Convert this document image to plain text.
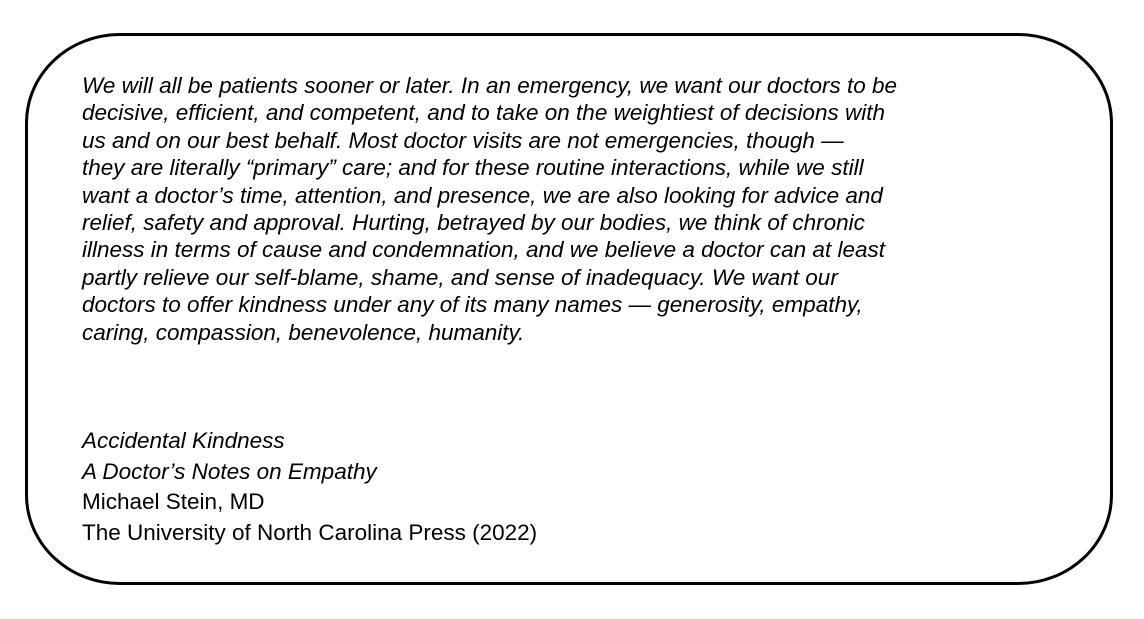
We will all be patients sooner or later. In an emergency, we want our doctors to be
decisive, efficient, and competent, and to take on the weightiest of decisions with
us and on our best behalf. Most doctor visits are not emergencies, though —
they are literally “primary” care; and for these routine interactions, while we still
want a doctor’s time, attention, and presence, we are also looking for advice and
relief, safety and approval. Hurting, betrayed by our bodies, we think of chronic
illness in terms of cause and condemnation, and we believe a doctor can at least
partly relieve our self-blame, shame, and sense of inadequacy. We want our
doctors to offer kindness under any of its many names — generosity, empathy,
caring, compassion, benevolence, humanity.
Accidental Kindness
A Doctor’s Notes on Empathy
Michael Stein, MD
The University of North Carolina Press (2022)
